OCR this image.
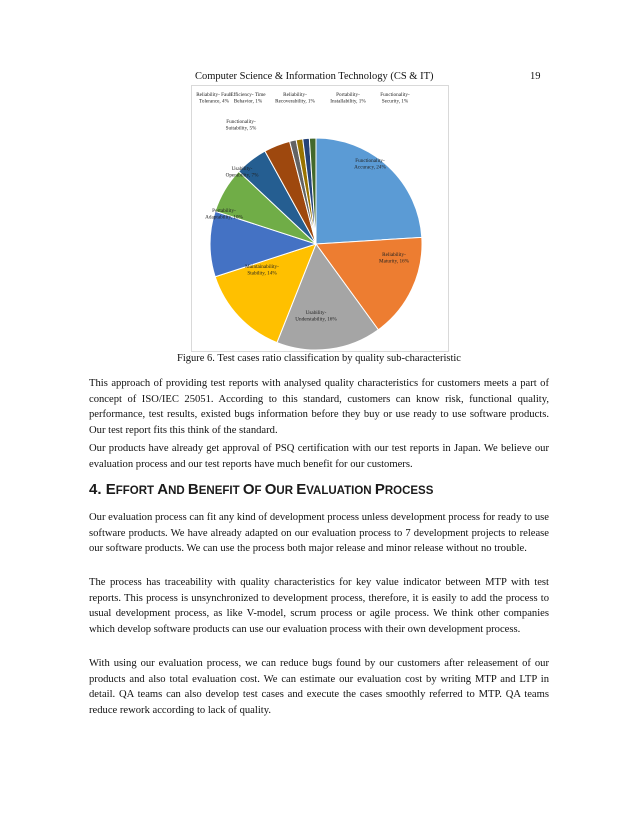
Computer Science & Information Technology (CS & IT)	19
Functionality-Accuracy, 24%
Reliability-Maturity, 16%
Usability-Understability, 16%
Maintainability-Stability, 14%
Portability-Adaptability, 10%
Usability-Operability, 7%
Functionality-Suitability, 5%
Reliability- Fault Tolerance, 4%
Efficiency- Time Behavior, 1%
Reliability-Recoverability, 1%
Portability-Installability, 1%
Functionality-Security, 1%
Figure 6. Test cases ratio classification by quality sub-characteristic

This approach of providing test reports with analysed quality characteristics for customers meets a part of concept of ISO/IEC 25051. According to this standard, customers can know risk, functional quality, performance, test results, existed bugs information before they buy or use ready to use software products. Our test report fits this think of the standard.

Our products have already get approval of PSQ certification with our test reports in Japan. We believe our evaluation process and our test reports have much benefit for our customers.

4. EFFORT AND BENEFIT OF OUR EVALUATION PROCESS

Our evaluation process can fit any kind of development process unless development process for ready to use software products. We have already adapted on our evaluation process to 7 development projects to release our software products. We can use the process both major release and minor release without no trouble.

The process has traceability with quality characteristics for key value indicator between MTP with test reports. This process is unsynchronized to development process, therefore, it is easily to add the process to usual development process, as like V-model, scrum process or agile process. We think other companies which develop software products can use our evaluation process with their own development process.

With using our evaluation process, we can reduce bugs found by our customers after releasement of our products and also total evaluation cost. We can estimate our evaluation cost by writing MTP and LTP in detail. QA teams can also develop test cases and execute the cases smoothly referred to MTP. QA teams reduce rework according to lack of quality.
